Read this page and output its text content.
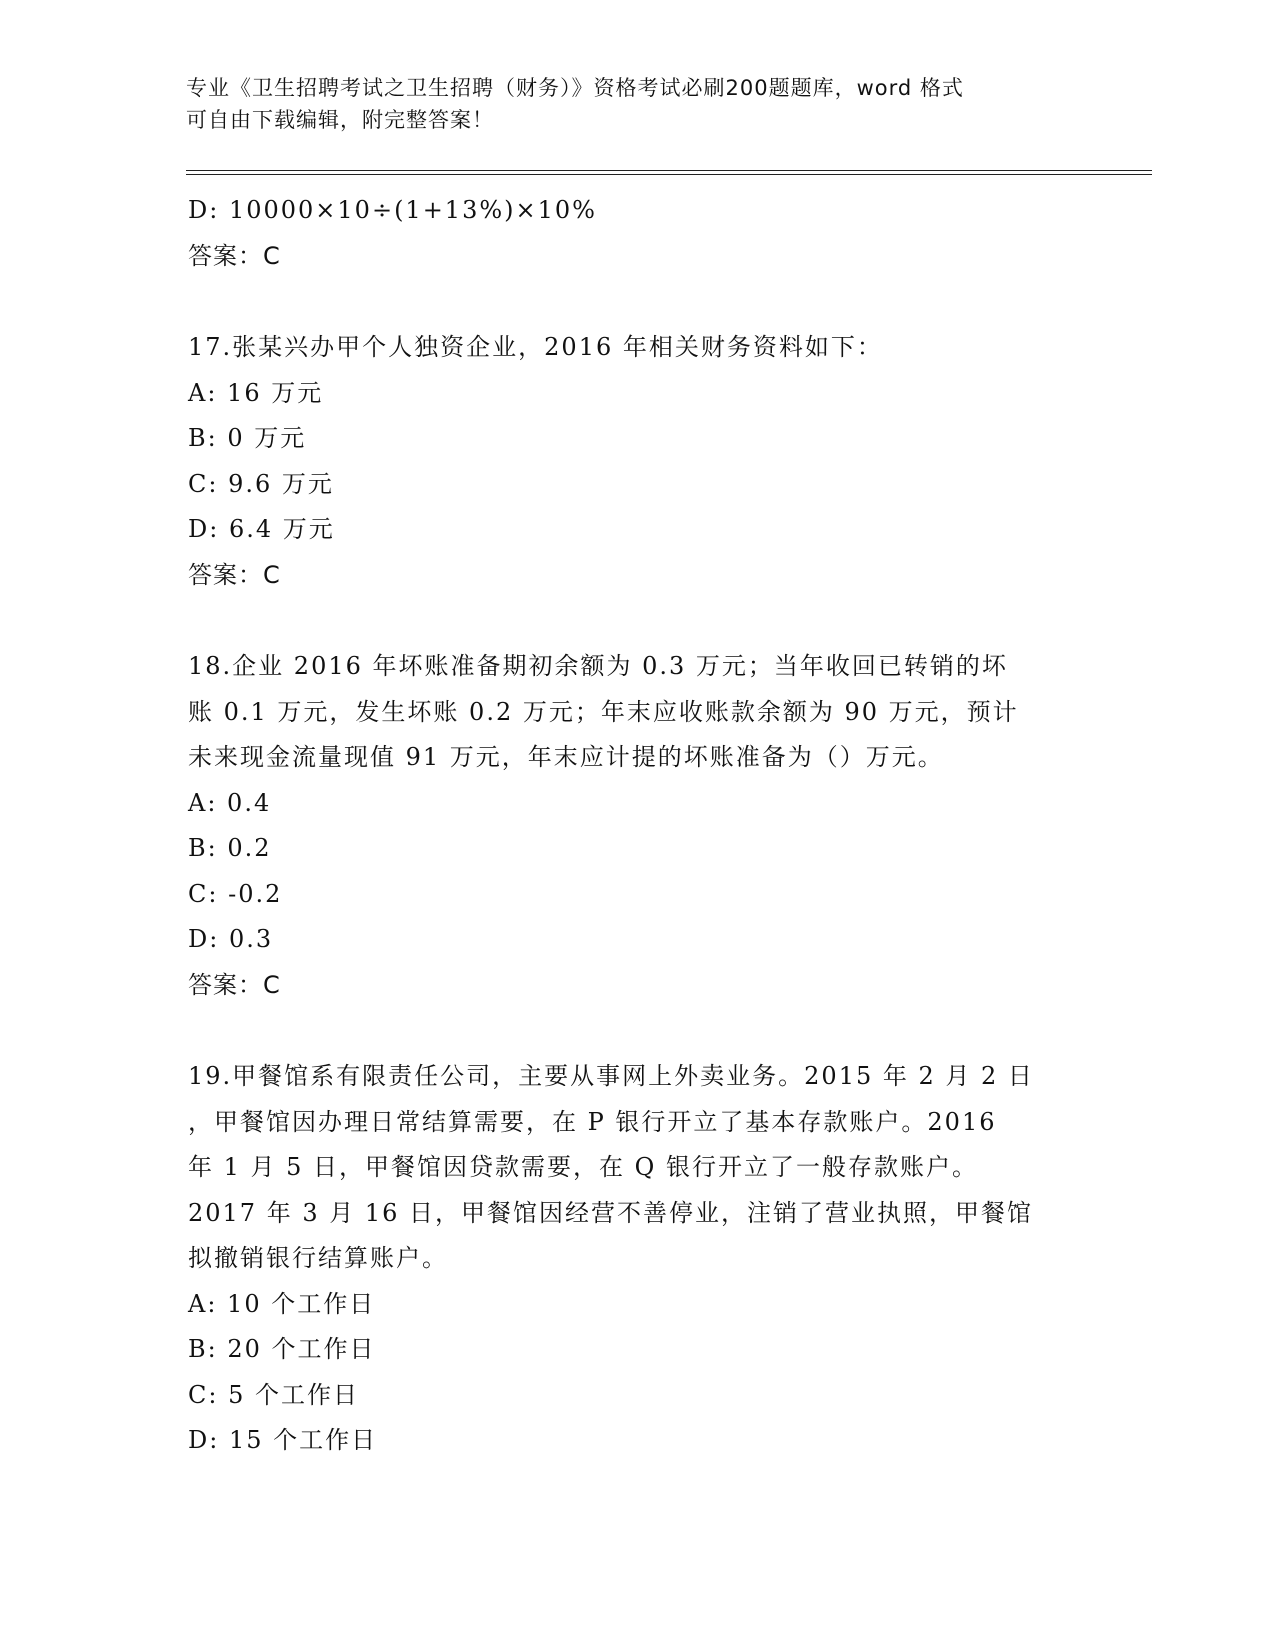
专业《卫生招聘考试之卫生招聘（财务）》资格考试必刷200题题库，word 格式
可自由下载编辑，附完整答案！
D: 10000×10÷(1+13%)×10%
答案：C
17.张某兴办甲个人独资企业，2016 年相关财务资料如下：
A: 16 万元
B: 0 万元
C: 9.6 万元
D: 6.4 万元
答案：C
18.企业 2016 年坏账准备期初余额为 0.3 万元；当年收回已转销的坏
账 0.1 万元，发生坏账 0.2 万元；年末应收账款余额为 90 万元，预计
未来现金流量现值 91 万元，年末应计提的坏账准备为（）万元。
A: 0.4
B: 0.2
C: -0.2
D: 0.3
答案：C
19.甲餐馆系有限责任公司，主要从事网上外卖业务。2015 年 2 月 2 日
，甲餐馆因办理日常结算需要，在 P 银行开立了基本存款账户。2016
年 1 月 5 日，甲餐馆因贷款需要，在 Q 银行开立了一般存款账户。
2017 年 3 月 16 日，甲餐馆因经营不善停业，注销了营业执照，甲餐馆
拟撤销银行结算账户。
A: 10 个工作日
B: 20 个工作日
C: 5 个工作日
D: 15 个工作日
